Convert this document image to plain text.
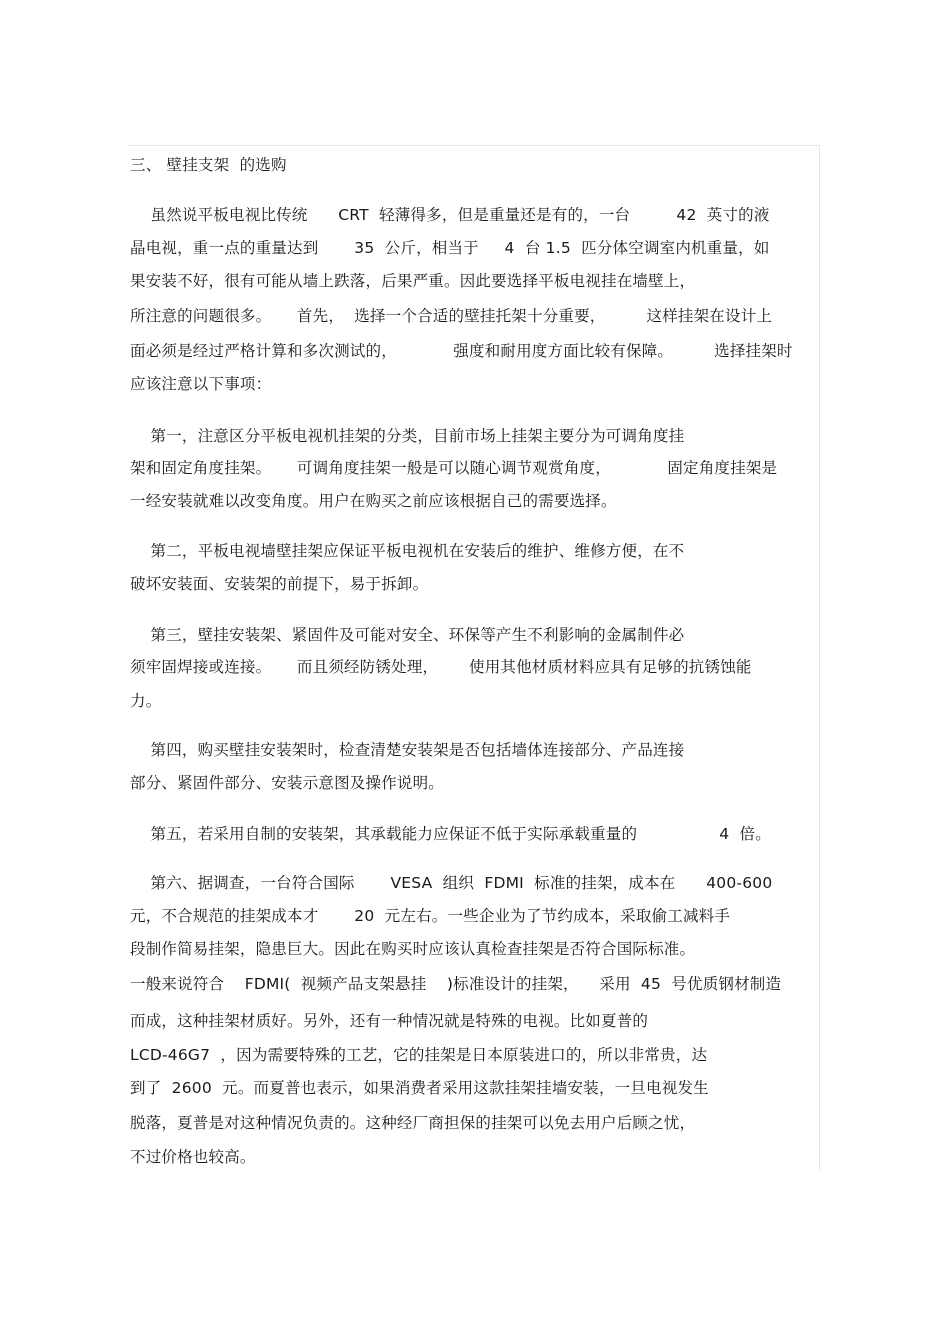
三、 壁挂支架  的选购
虽然说平板电视比传统      CRT  轻薄得多，但是重量还是有的，一台         42  英寸的液
晶电视，重一点的重量达到       35  公斤，相当于     4  台 1.5  匹分体空调室内机重量，如
果安装不好，很有可能从墙上跌落，后果严重。因此要选择平板电视挂在墙壁上，
所注意的问题很多。     首先，  选择一个合适的壁挂托架十分重要，        这样挂架在设计上
面必须是经过严格计算和多次测试的，           强度和耐用度方面比较有保障。        选择挂架时
应该注意以下事项：
第一，注意区分平板电视机挂架的分类，目前市场上挂架主要分为可调角度挂
架和固定角度挂架。     可调角度挂架一般是可以随心调节观赏角度，           固定角度挂架是
一经安装就难以改变角度。用户在购买之前应该根据自己的需要选择。
第二，平板电视墙壁挂架应保证平板电视机在安装后的维护、维修方便，在不
破坏安装面、安装架的前提下，易于拆卸。
第三，壁挂安装架、紧固件及可能对安全、环保等产生不利影响的金属制件必
须牢固焊接或连接。     而且须经防锈处理，      使用其他材质材料应具有足够的抗锈蚀能
力。
第四，购买壁挂安装架时，检查清楚安装架是否包括墙体连接部分、产品连接
部分、紧固件部分、安装示意图及操作说明。
第五，若采用自制的安装架，其承载能力应保证不低于实际承载重量的                4  倍。
第六、据调查，一台符合国际       VESA  组织  FDMI  标准的挂架，成本在      400-600
元，不合规范的挂架成本才       20  元左右。一些企业为了节约成本，采取偷工减料手
段制作简易挂架，隐患巨大。因此在购买时应该认真检查挂架是否符合国际标准。
一般来说符合    FDMI(  视频产品支架悬挂    )标准设计的挂架，    采用  45  号优质钢材制造
而成，这种挂架材质好。另外，还有一种情况就是特殊的电视。比如夏普的
LCD-46G7  ，因为需要特殊的工艺，它的挂架是日本原装进口的，所以非常贵，达
到了  2600  元。而夏普也表示，如果消费者采用这款挂架挂墙安装，一旦电视发生
脱落，夏普是对这种情况负责的。这种经厂商担保的挂架可以免去用户后顾之忧，
不过价格也较高。
